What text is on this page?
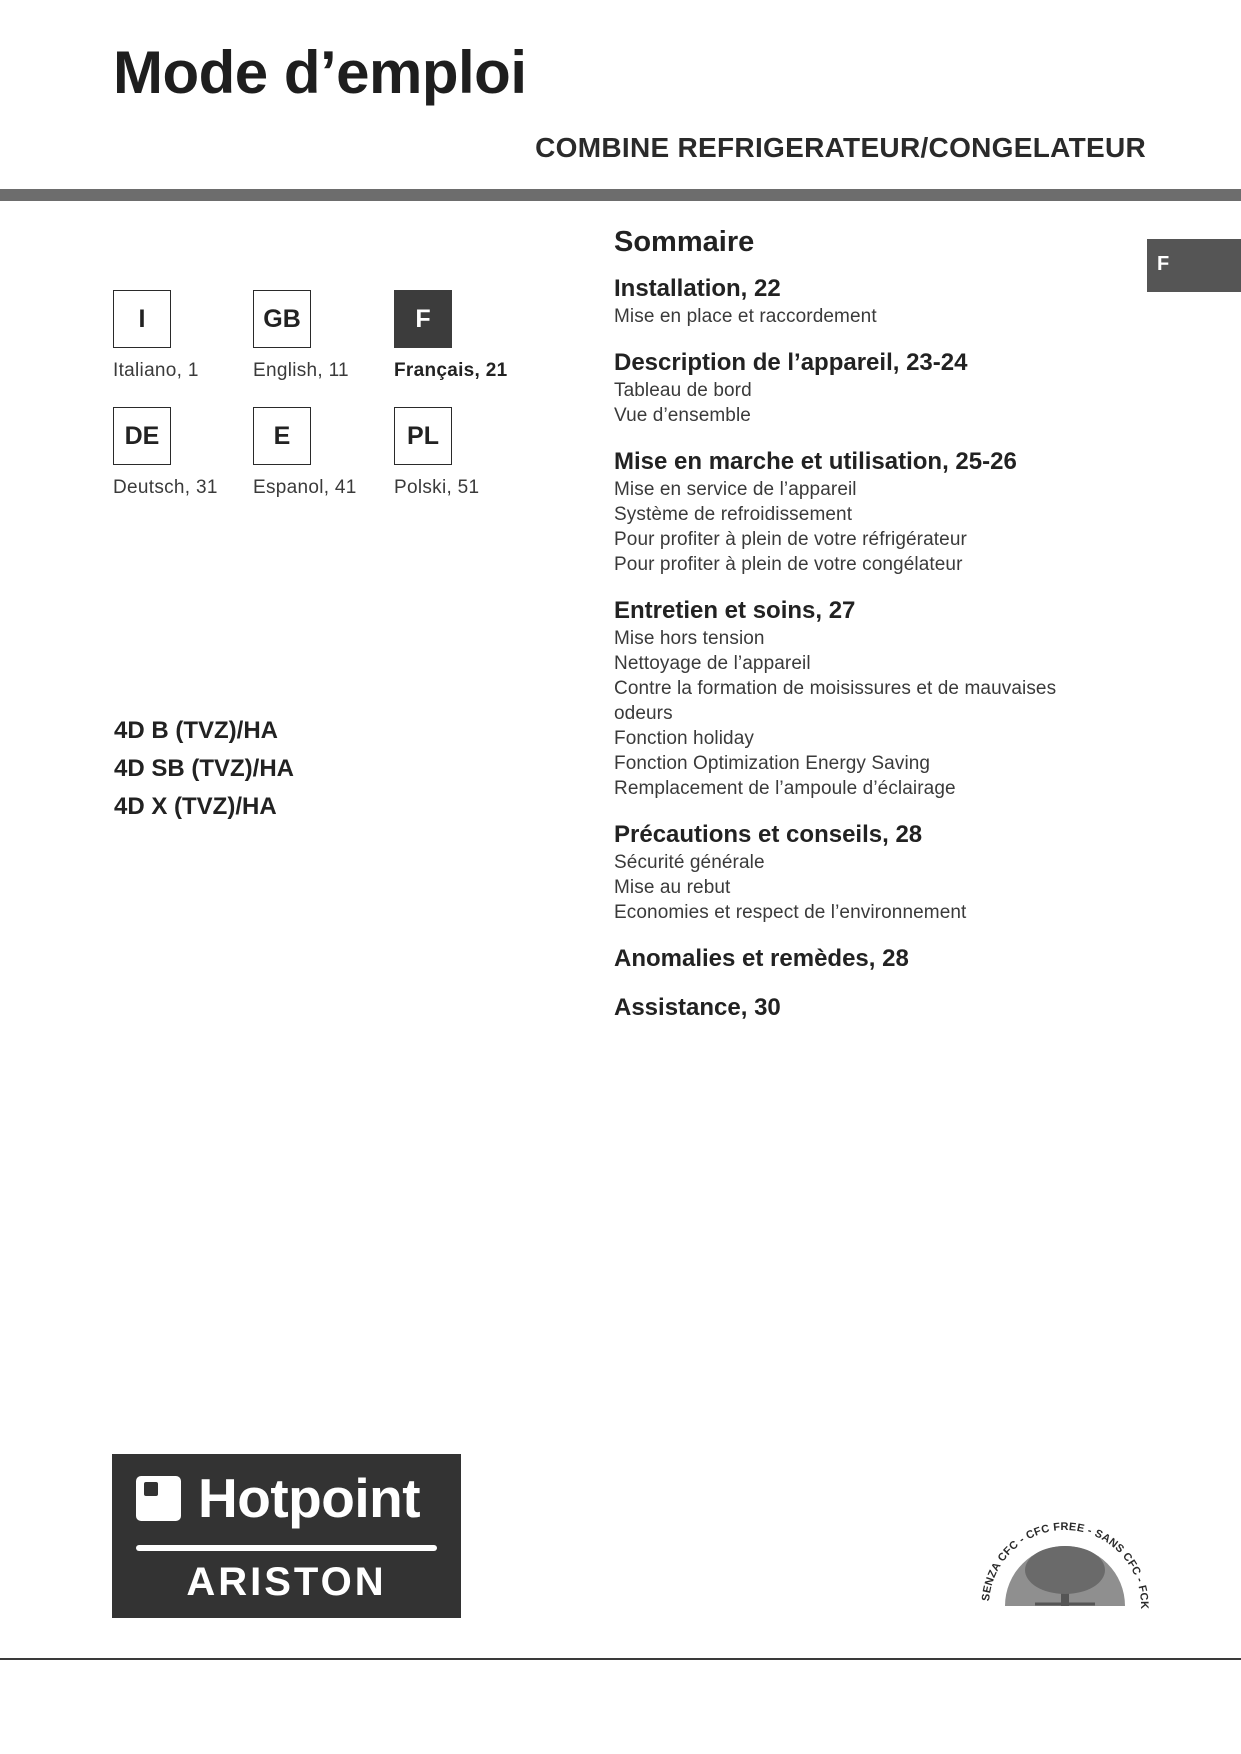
Mode d’emploi
COMBINE REFRIGERATEUR/CONGELATEUR
F
I
Italiano, 1
GB
English, 11
F
Français, 21
DE
Deutsch, 31
E
Espanol, 41
PL
Polski, 51
4D B (TVZ)/HA
4D SB (TVZ)/HA
4D X (TVZ)/HA
Sommaire
Installation, 22
Mise en place et raccordement
Description de l’appareil, 23-24
Tableau de bord
Vue d’ensemble
Mise en marche et utilisation, 25-26
Mise en service de l’appareil
Système de refroidissement
Pour profiter à plein de votre réfrigérateur
Pour profiter à plein de votre congélateur
Entretien et soins, 27
Mise hors tension
Nettoyage de l’appareil
Contre la formation de moisissures et de mauvaises odeurs
Fonction holiday
Fonction Optimization Energy Saving
Remplacement de l’ampoule d’éclairage
Précautions et conseils, 28
Sécurité générale
Mise au rebut
Economies et respect de l’environnement
Anomalies et remèdes, 28
Assistance, 30
Hotpoint
ARISTON	SENZA CFC - CFC FREE - SANS CFC - FCK
